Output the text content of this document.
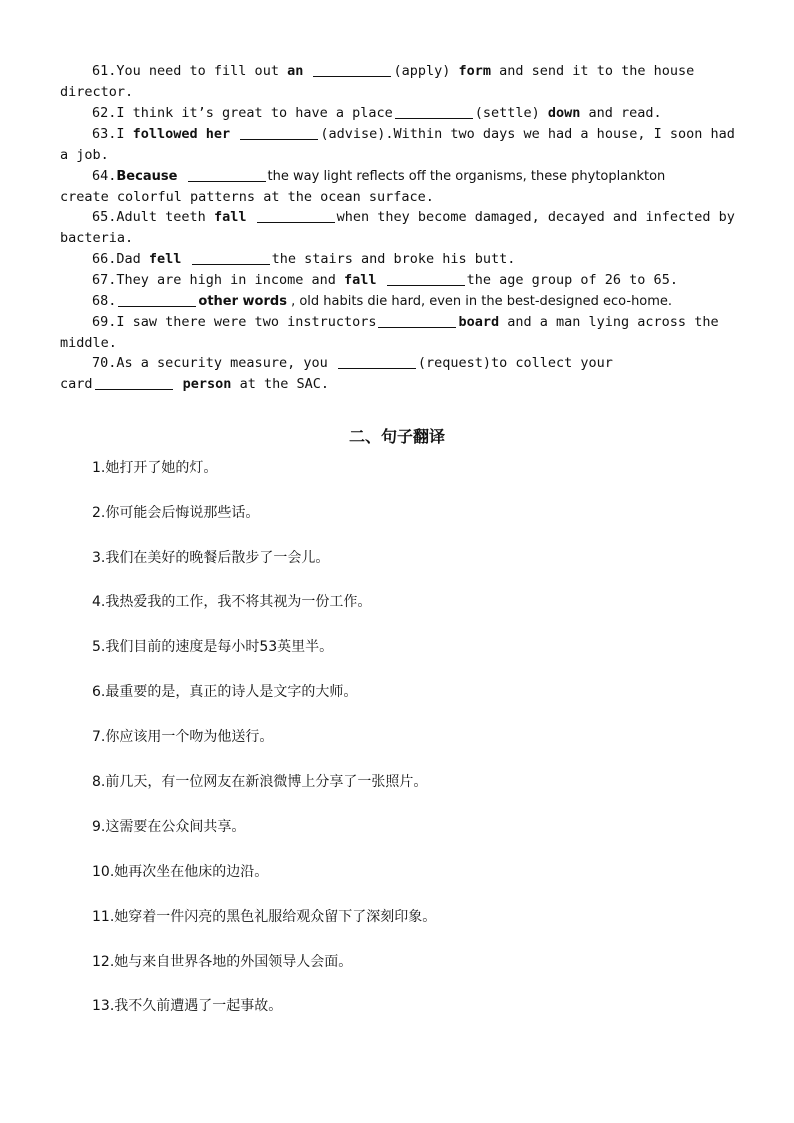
61.You need to fill out an	(apply) form and send it to the house
director.
62.I think it’s great to have a place	(settle) down and read.
63.I followed her	(advise).Within two days we had a house, I soon had
a job.
64.Because	the way light reflects off the organisms, these phytoplankton
create colorful patterns at the ocean surface.
65.Adult teeth fall	when they become damaged, decayed and infected by
bacteria.
66.Dad fell	the stairs and broke his butt.
67.They are high in income and fall	the age group of 26 to 65.
68.	other words , old habits die hard, even in the best-designed eco-home.
69.I saw there were two instructors	board and a man lying across the
middle.
70.As a security measure, you	(request)to collect your
card	person at the SAC.
二、句子翻译
1.她打开了她的灯。
2.你可能会后悔说那些话。
3.我们在美好的晚餐后散步了一会儿。
4.我热爱我的工作，我不将其视为一份工作。
5.我们目前的速度是每小时53英里半。
6.最重要的是，真正的诗人是文字的大师。
7.你应该用一个吻为他送行。
8.前几天，有一位网友在新浪微博上分享了一张照片。
9.这需要在公众间共享。
10.她再次坐在他床的边沿。
11.她穿着一件闪亮的黑色礼服给观众留下了深刻印象。
12.她与来自世界各地的外国领导人会面。
13.我不久前遭遇了一起事故。
